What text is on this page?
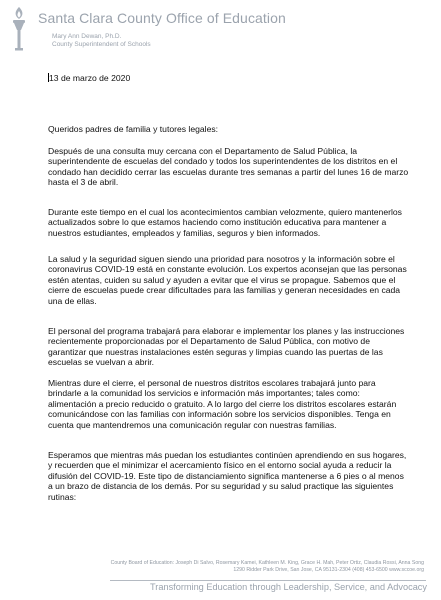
Santa Clara County Office of Education
Mary Ann Dewan, Ph.D.
County Superintendent of Schools
13 de marzo de 2020
Queridos padres de familia y tutores legales:
Después de una consulta muy cercana con el Departamento de Salud Pública, la superintendente de escuelas del condado y todos los superintendentes de los distritos en el condado han decidido cerrar las escuelas durante tres semanas a partir del lunes 16 de marzo hasta el 3 de abril.
Durante este tiempo en el cual los acontecimientos cambian velozmente, quiero mantenerlos actualizados sobre lo que estamos haciendo como institución educativa para mantener a nuestros estudiantes, empleados y familias, seguros y bien informados.
La salud y la seguridad siguen siendo una prioridad para nosotros y la información sobre el coronavirus COVID-19 está en constante evolución. Los expertos aconsejan que las personas estén atentas, cuiden su salud y ayuden a evitar que el virus se propague. Sabemos que el cierre de escuelas puede crear dificultades para las familias y generan necesidades en cada una de ellas.
El personal del programa trabajará para elaborar e implementar los planes y las instrucciones recientemente proporcionadas por el Departamento de Salud Pública, con motivo de garantizar que nuestras instalaciones estén seguras y limpias cuando las puertas de las escuelas se vuelvan a abrir.
Mientras dure el cierre, el personal de nuestros distritos escolares trabajará junto para brindarle a la comunidad los servicios e información más importantes; tales como: alimentación a precio reducido o gratuito. A lo largo del cierre los distritos escolares estarán comunicándose con las familias con información sobre los servicios disponibles. Tenga en cuenta que mantendremos una comunicación regular con nuestras familias.
Esperamos que mientras más puedan los estudiantes continúen aprendiendo en sus hogares, y recuerden que el minimizar el acercamiento físico en el entorno social ayuda a reducir la difusión del COVID-19. Este tipo de distanciamiento significa mantenerse a 6 pies o al menos a un brazo de distancia de los demás. Por su seguridad y su salud practique las siguientes rutinas:
County Board of Education: Joseph Di Salvo, Rosemary Kamei, Kathleen M. King, Grace H. Mah, Peter Ortiz, Claudia Rossi, Anna Song
1290 Ridder Park Drive, San Jose, CA 95131-2304 (408) 453-6500 www.sccoe.org
Transforming Education through Leadership, Service, and Advocacy
